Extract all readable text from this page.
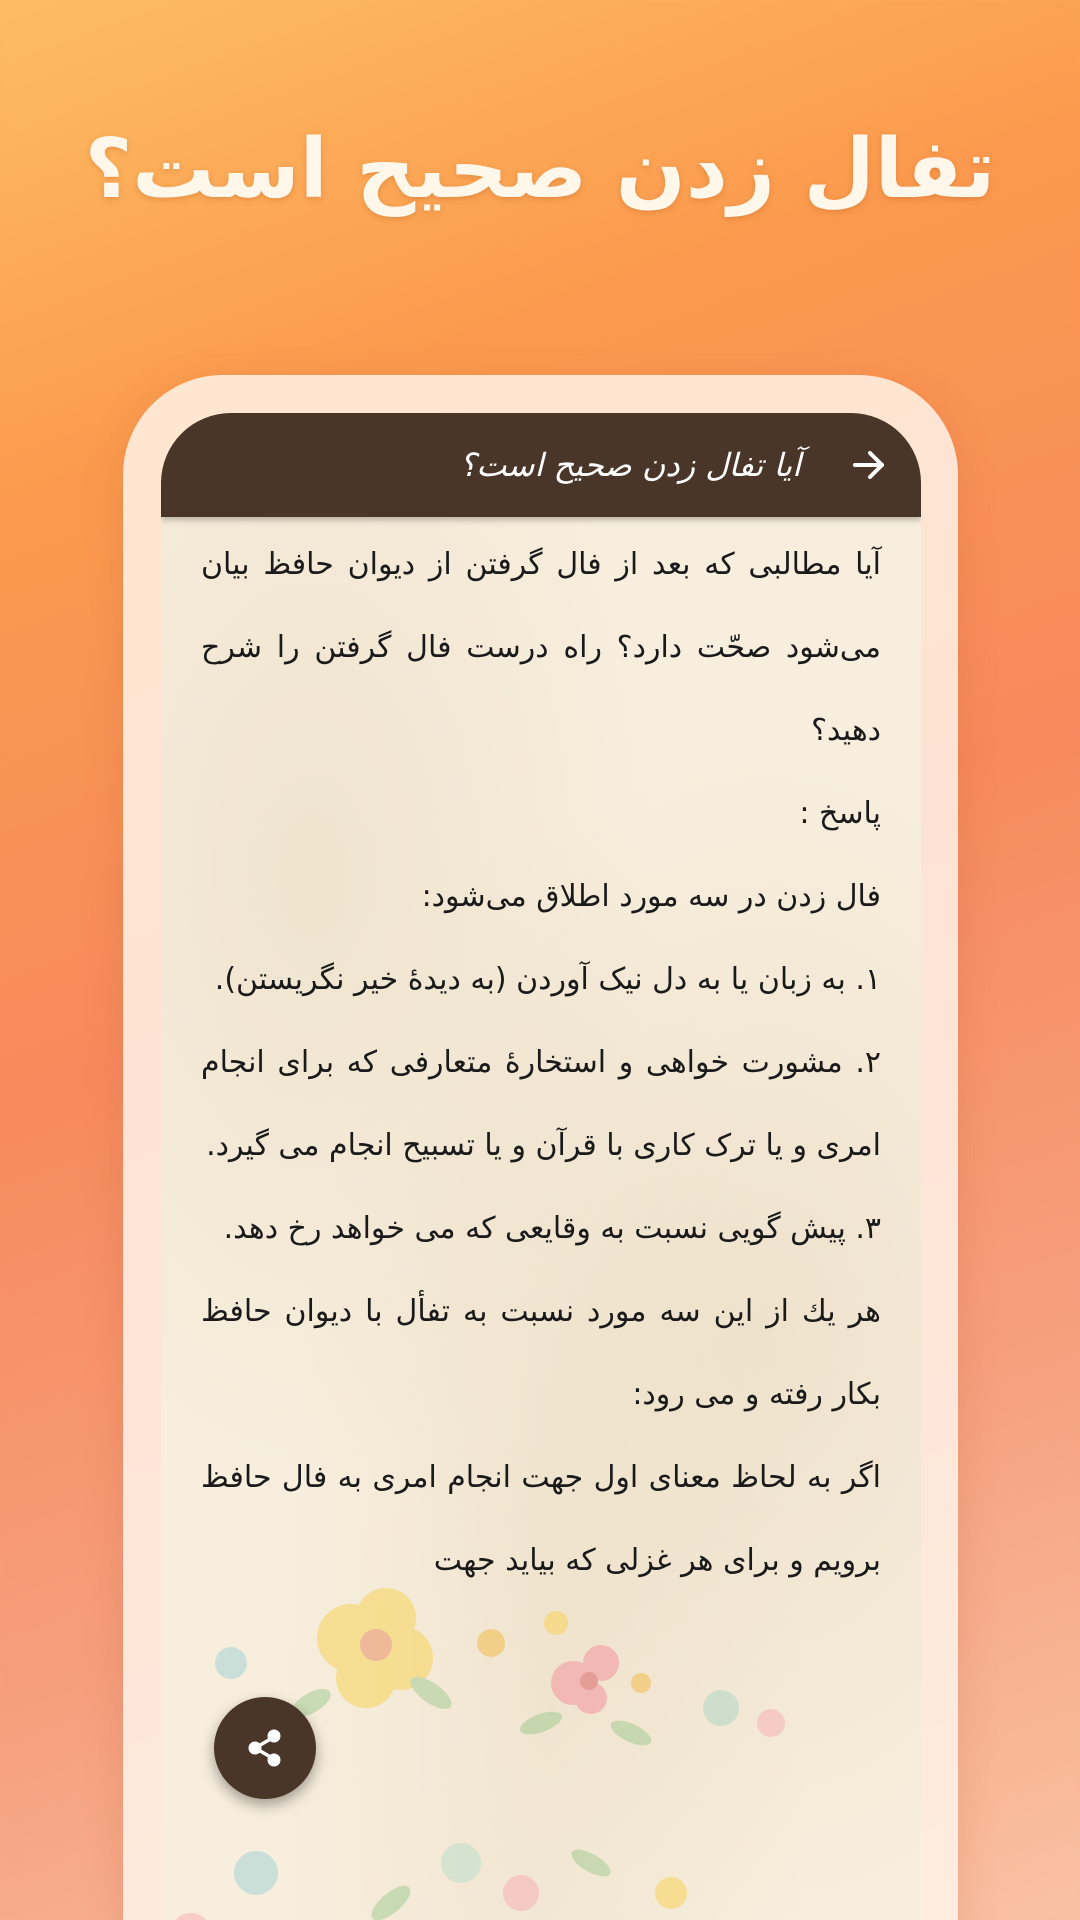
تفال زدن صحیح است؟
آیا تفال زدن صحیح است؟

آیا مطالبی که بعد از فال گرفتن از دیوان حافظ بیان می‌شود صحّت دارد؟ راه درست فال گرفتن را شرح دهید؟

پاسخ :

فال زدن در سه مورد اطلاق می‌شود:

۱. به زبان یا به دل نیک آوردن (به دیدهٔ خیر نگریستن).

۲. مشورت خواهی و استخارهٔ متعارفی که برای انجام امری و یا ترک کاری با قرآن و یا تسبیح انجام می گیرد.

۳. پیش گویی نسبت به وقایعی که می خواهد رخ دهد.

هر یك از این سه مورد نسبت به تفأل با دیوان حافظ بکار رفته و می رود:

اگر به لحاظ معنای اول جهت انجام امری به فال حافظ برویم و برای هر غزلی که بیاید جهت
